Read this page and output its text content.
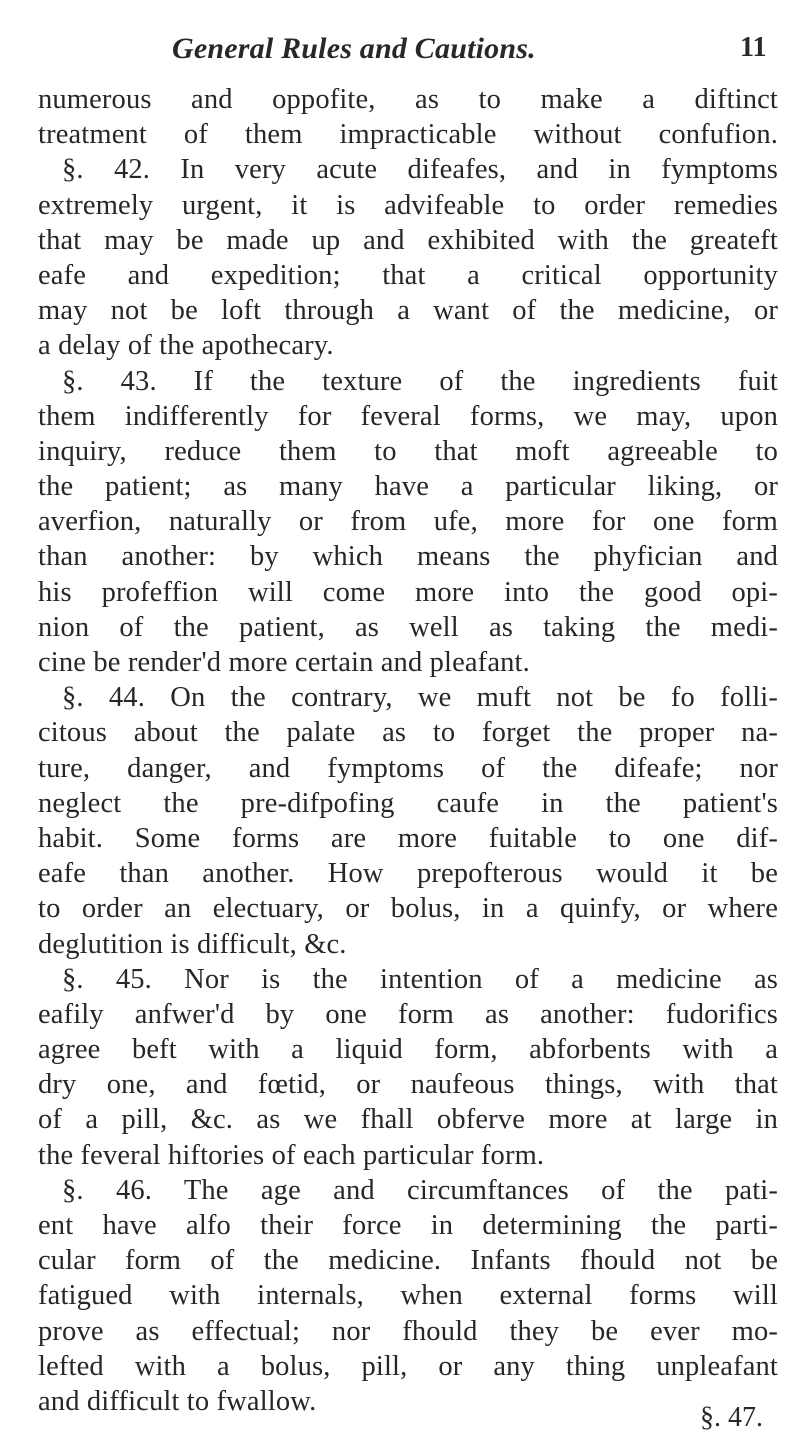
General Rules and Cautions.	11
numerous and oppofite, as to make a diftinct
treatment of them impracticable without confufion.
§. 42. In very acute difeafes, and in fymptoms
extremely urgent, it is advifeable to order remedies
that may be made up and exhibited with the greateft
eafe and expedition; that a critical opportunity
may not be loft through a want of the medicine, or
a delay of the apothecary.
§. 43. If the texture of the ingredients fuit
them indifferently for feveral forms, we may, upon
inquiry, reduce them to that moft agreeable to
the patient; as many have a particular liking, or
averfion, naturally or from ufe, more for one form
than another: by which means the phyfician and
his profeffion will come more into the good opi-
nion of the patient, as well as taking the medi-
cine be render'd more certain and pleafant.
§. 44. On the contrary, we muft not be fo folli-
citous about the palate as to forget the proper na-
ture, danger, and fymptoms of the difeafe; nor
neglect the pre-difpofing caufe in the patient's
habit. Some forms are more fuitable to one dif-
eafe than another. How prepofterous would it be
to order an electuary, or bolus, in a quinfy, or where
deglutition is difficult, &c.
§. 45. Nor is the intention of a medicine as
eafily anfwer'd by one form as another: fudorifics
agree beft with a liquid form, abforbents with a
dry one, and fœtid, or naufeous things, with that
of a pill, &c. as we fhall obferve more at large in
the feveral hiftories of each particular form.
§. 46. The age and circumftances of the pati-
ent have alfo their force in determining the parti-
cular form of the medicine. Infants fhould not be
fatigued with internals, when external forms will
prove as effectual; nor fhould they be ever mo-
lefted with a bolus, pill, or any thing unpleafant
and difficult to fwallow.
§. 47.
